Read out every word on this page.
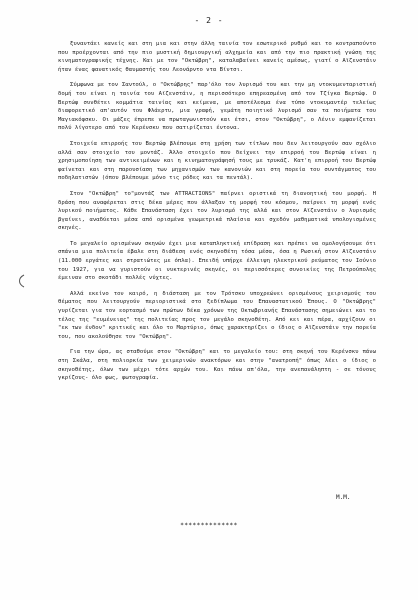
- 2 -

ξυναντάει κανείς και στη μια και στην άλλη ταινία τον εσωτερικό ρυθμό και το κοντραπούντο που προέρχονται από την πιο μυστική δημιουργική αλχημεία και από την πιο πρακτική γνώση της κινηματογραφικής τέχνης. Και με τον "Οκτώβρη", καταλαβαίνει κανείς αμέσως, γιατί ο Αϊζενστάιν ήταν ένας φανατικός θαυμαστής του Λεονάρντο ντα Βίντσι.

Σύμφωνα με τον Σαντούλ, ο "Οκτώβρης" παρ'όλο τον λυρισμό του και την μη ντοκυμενταριστική δομή του είναι η ταινία του Αϊζενστάιν, η περισσότερο επηρεασμένη από τον Τζίγκα Βερτώφ. Ο Βερτώφ συνθέτει κομμάτια ταινίας και κείμενα, με αποτέλεσμα ένα τύπο ντοκυμαντέρ τελείως διαφορετικό απ'αυτόν του Φλάερτυ, μια γραφή, γεμάτη ποιητικό λυρισμό σαν τα ποιήματα του Μαγιακόφσκυ. Οι μάζες έπρεπε να πρωταγωνιστούν και έτσι, στον "Οκτώβρη", ο Λένιν εμφανίζεται πολύ λίγοτερο από τον Κερένσκυ που σατιρίζεται έντονα.

Στοιχεία επιρροής του Βερτώφ βλέπουμε στη χρήση των τίτλων που δεν λειτουργούν σαν σχόλιο αλλά σαν στοιχείο του μοντάζ. Άλλο στοιχείο που δείχνει την επιρροή του Βερτώφ είναι η χρησιμοποίηση των αντικειμένων και η κινηματογράφησή τους με τρυκάζ. Κατ'η επιρροή του Βερτώφ φαίνεται και στη παρουσίαση των μηχανισμών των κανονιών και στη πορεία του συντάγματος του ποδηλατιστών (όπου βλέπουμε μόνο τις ρόδες και τα πεντάλ).

Στον "Οκτώβρη" το"μοντάζ των ATTRACTIONS" παίρνει οριστικά τη διανοητική του μορφή. Η δράση που αναφέρεται στις δέκα μέρες που άλλαξαν τη μορφή του κόσμου, παίρνει τη μορφή ενός λυρικού ποιήματος. Κάθε Επανάσταση έχει τον λυρισμό της αλλά και στον Αϊζενστάιν ο λυρισμός βγαίνει, αναδύεται μέσα από ορισμένα γεωμετρικά πλαίσια και σχεδόν μαθηματικά υπολογισμένες σκηνές.

Το μεγαλείο ορισμένων σκηνών έχει μια καταπληκτική επίδραση και πρέπει να ομολογήσουμε ότι σπάνια μια πολιτεία έβαλε στη διάθεση ενός σκηνοθέτη τόσα μέσα, όσα η Ρωσική στον Αϊζενστάιν (11.000 εργάτες και στρατιώτες με όπλα). Επειδή υπήρχε έλλειψη ηλεκτρικού ρεύματος τον Ιούνιο του 1927, για να γυριστούν οι νυκτερινές σκηνές, οι περισσότερες συνοικίες της Πετρούπολης έμειναν στο σκοτάδι πολλές νύχτες.

Αλλά εκείνο τον καιρό, η διάσταση με τον Τρότσκυ υποχρεώνει ορισμένους χειρισμούς του θέματος που λειτουργούν περιοριστικά στο ξεδίπλωμα του Επαναστατικού Έπους. Ο "Οκτώβρης" γυρίζεται για τον εορτασμό των πρώτων δέκα χρόνων της Οκτωβριανής Επανάστασης σημειώνει και το τέλος της "ευμένειας" της πολιτείας προς τον μεγάλο σκηνοθέτη. Από κει και πέρα, αρχίζουν οι "εκ των ένδον" κριτικές και όλο το Μαρτύριο, όπως χαρακτηρίζει ο ίδιος ο Αϊζενστάιν την πορεία του, που ακολούθησε τον "Οκτώβρη".

Για την ώρα, ας σταθούμε στον "Οκτώβρη" και το μεγαλείο του: στη σκηνή του Κερένσκυ πάνω στη Σκάλα, στη πολιορκία των χειμερινών ανακτόρων και στην "ανατροπή" όπως λέει ο ίδιος ο σκηνοθέτης, όλων των μέχρι τότε αρχών του. Και πάνω απ'όλα, την ανεπανάληπτη - σε τόνους γκρίζους- όλο φως, φωτογραφία.

Μ.Μ.
**************
